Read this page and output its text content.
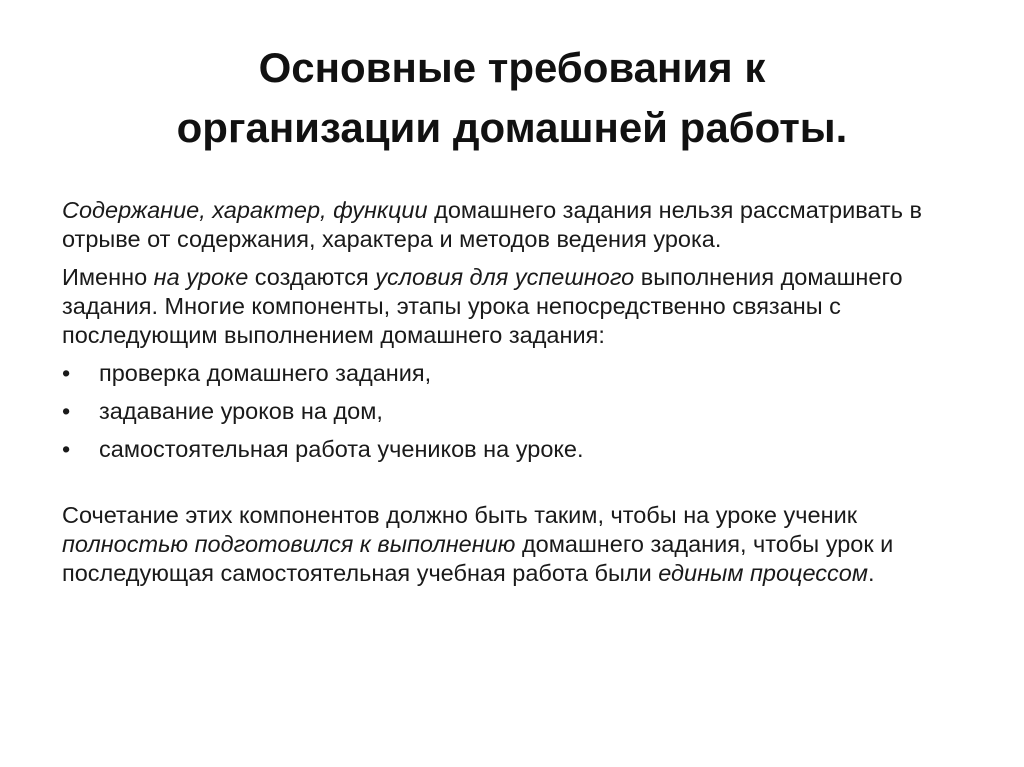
Основные требования к
организации домашней работы.

Содержание, характер, функции домашнего задания нельзя рассматривать в отрыве от содержания, характера и методов ведения урока.

Именно на уроке создаются условия для успешного выполнения домашнего задания. Многие компоненты, этапы урока непосредственно связаны с последующим выполнением домашнего задания:

• проверка домашнего задания,
• задавание уроков на дом,
• самостоятельная работа учеников на уроке.

Сочетание этих компонентов должно быть таким, чтобы на уроке ученик полностью подготовился к выполнению домашнего задания, чтобы урок и последующая самостоятельная учебная работа были единым процессом.
